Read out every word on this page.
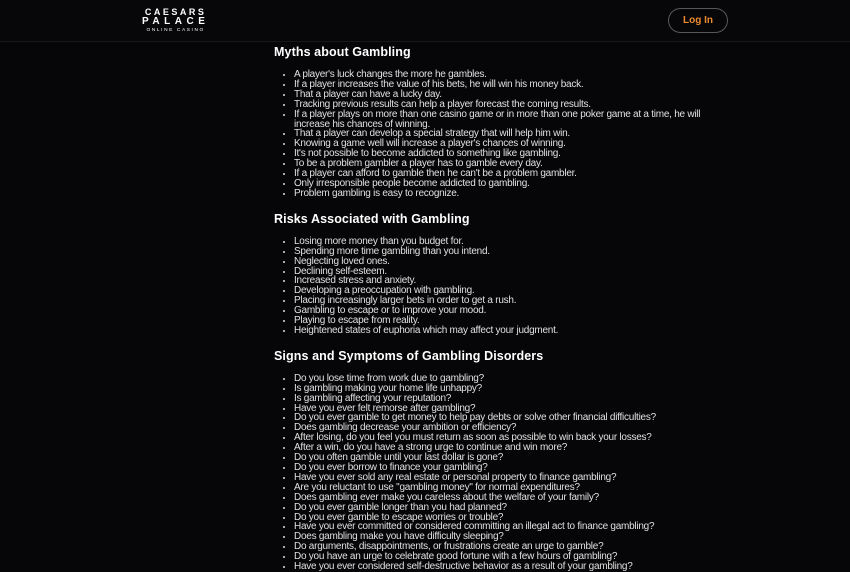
CAESARS
PALACE
ONLINE CASINO
Log In
Myths about Gambling
• A player's luck changes the more he gambles.
• If a player increases the value of his bets, he will win his money back.
• That a player can have a lucky day.
• Tracking previous results can help a player forecast the coming results.
• If a player plays on more than one casino game or in more than one poker game at a time, he will increase his chances of winning.
• That a player can develop a special strategy that will help him win.
• Knowing a game well will increase a player's chances of winning.
• It's not possible to become addicted to something like gambling.
• To be a problem gambler a player has to gamble every day.
• If a player can afford to gamble then he can't be a problem gambler.
• Only irresponsible people become addicted to gambling.
• Problem gambling is easy to recognize.
Risks Associated with Gambling
• Losing more money than you budget for.
• Spending more time gambling than you intend.
• Neglecting loved ones.
• Declining self-esteem.
• Increased stress and anxiety.
• Developing a preoccupation with gambling.
• Placing increasingly larger bets in order to get a rush.
• Gambling to escape or to improve your mood.
• Playing to escape from reality.
• Heightened states of euphoria which may affect your judgment.
Signs and Symptoms of Gambling Disorders
• Do you lose time from work due to gambling?
• Is gambling making your home life unhappy?
• Is gambling affecting your reputation?
• Have you ever felt remorse after gambling?
• Do you ever gamble to get money to help pay debts or solve other financial difficulties?
• Does gambling decrease your ambition or efficiency?
• After losing, do you feel you must return as soon as possible to win back your losses?
• After a win, do you have a strong urge to continue and win more?
• Do you often gamble until your last dollar is gone?
• Do you ever borrow to finance your gambling?
• Have you ever sold any real estate or personal property to finance gambling?
• Are you reluctant to use "gambling money" for normal expenditures?
• Does gambling ever make you careless about the welfare of your family?
• Do you ever gamble longer than you had planned?
• Do you ever gamble to escape worries or trouble?
• Have you ever committed or considered committing an illegal act to finance gambling?
• Does gambling make you have difficulty sleeping?
• Do arguments, disappointments, or frustrations create an urge to gamble?
• Do you have an urge to celebrate good fortune with a few hours of gambling?
• Have you ever considered self-destructive behavior as a result of your gambling?
